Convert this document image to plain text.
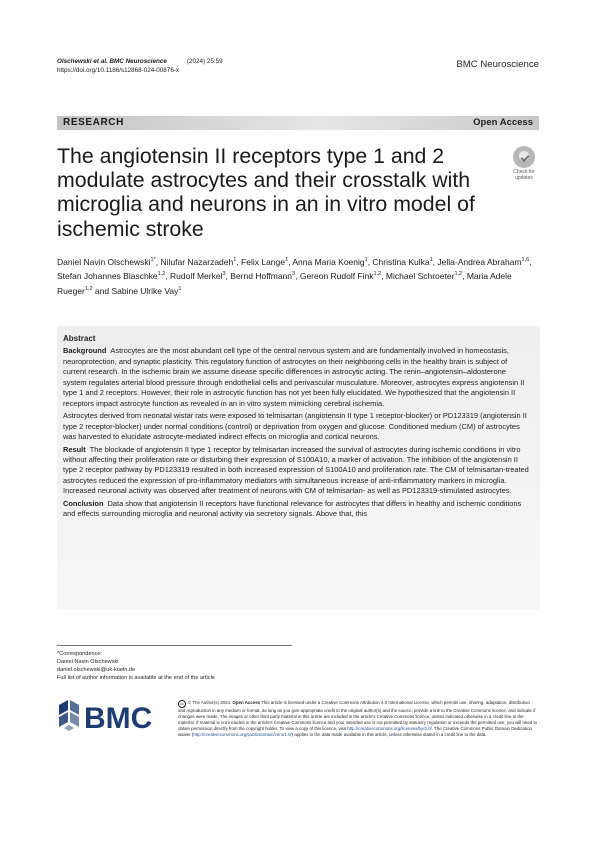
Olschewski et al. BMC Neuroscience	(2024) 25:59
https://doi.org/10.1186/s12868-024-00876-x
BMC Neuroscience
RESEARCH	Open Access
The angiotensin II receptors type 1 and 2 modulate astrocytes and their crosstalk with microglia and neurons in an in vitro model of ischemic stroke
Check for updates
Daniel Navin Olschewski$^{1*}$, Nilufar Nazarzadeh$^1$, Felix Lange$^1$, Anna Maria Koenig$^1$, Christina Kulka$^1$, Jella-Andrea Abraham$^{1,6}$, Stefan Johannes Blaschke$^{1,2}$, Rudolf Merkel$^3$, Bernd Hoffmann$^3$, Gereon Rudolf Fink$^{1,2}$, Michael Schroeter$^{1,2}$, Maria Adele Rueger$^{1,2}$ and Sabine Ulrike Vay$^1$
Abstract

Background Astrocytes are the most abundant cell type of the central nervous system and are fundamentally involved in homeostasis, neuroprotection, and synaptic plasticity. This regulatory function of astrocytes on their neighboring cells in the healthy brain is subject of current research. In the ischemic brain we assume disease specific differences in astrocytic acting. The renin–angiotensin–aldosterone system regulates arterial blood pressure through endothelial cells and perivascular musculature. Moreover, astrocytes express angiotensin II type 1 and 2 receptors. However, their role in astrocytic function has not yet been fully elucidated. We hypothesized that the angiotensin II receptors impact astrocyte function as revealed in an in vitro system mimicking cerebral ischemia.

Astrocytes derived from neonatal wistar rats were exposed to telmisartan (angiotensin II type 1 receptor-blocker) or PD123319 (angiotensin II type 2 receptor-blocker) under normal conditions (control) or deprivation from oxygen and glucose. Conditioned medium (CM) of astrocytes was harvested to elucidate astrocyte-mediated indirect effects on microglia and cortical neurons.

Result The blockade of angiotensin II type 1 receptor by telmisartan increased the survival of astrocytes during ischemic conditions in vitro without affecting their proliferation rate or disturbing their expression of S100A10, a marker of activation. The inhibition of the angiotensin II type 2 receptor pathway by PD123319 resulted in both increased expression of S100A10 and proliferation rate. The CM of telmisartan-treated astrocytes reduced the expression of pro-inflammatory mediators with simultaneous increase of anti-inflammatory markers in microglia. Increased neuronal activity was observed after treatment of neurons with CM of telmisartan- as well as PD123319-stimulated astrocytes.

Conclusion Data show that angiotensin II receptors have functional relevance for astrocytes that differs in healthy and ischemic conditions and effects surrounding microglia and neuronal activity via secretory signals. Above that, this

*Correspondence:
Daniel Navin Olschewski
daniel.olschewski@uk-koeln.de
Full list of author information is available at the end of the article
BMC	cc © The Author(s) 2024. Open Access This article is licensed under a Creative Commons Attribution 4.0 International License, which permits use, sharing, adaptation, distribution and reproduction in any medium or format, as long as you give appropriate credit to the original author(s) and the source, provide a link to the Creative Commons licence, and indicate if changes were made. The images or other third party material in this article are included in the article's Creative Commons licence, unless indicated otherwise in a credit line to the material. If material is not included in the article's Creative Commons licence and your intended use is not permitted by statutory regulation or exceeds the permitted use, you will need to obtain permission directly from the copyright holder. To view a copy of this licence, visit http://creativecommons.org/licenses/by/4.0/. The Creative Commons Public Domain Dedication waiver (http://creativecommons.org/publicdomain/zero/1.0/) applies to the data made available in this article, unless otherwise stated in a credit line to the data.
